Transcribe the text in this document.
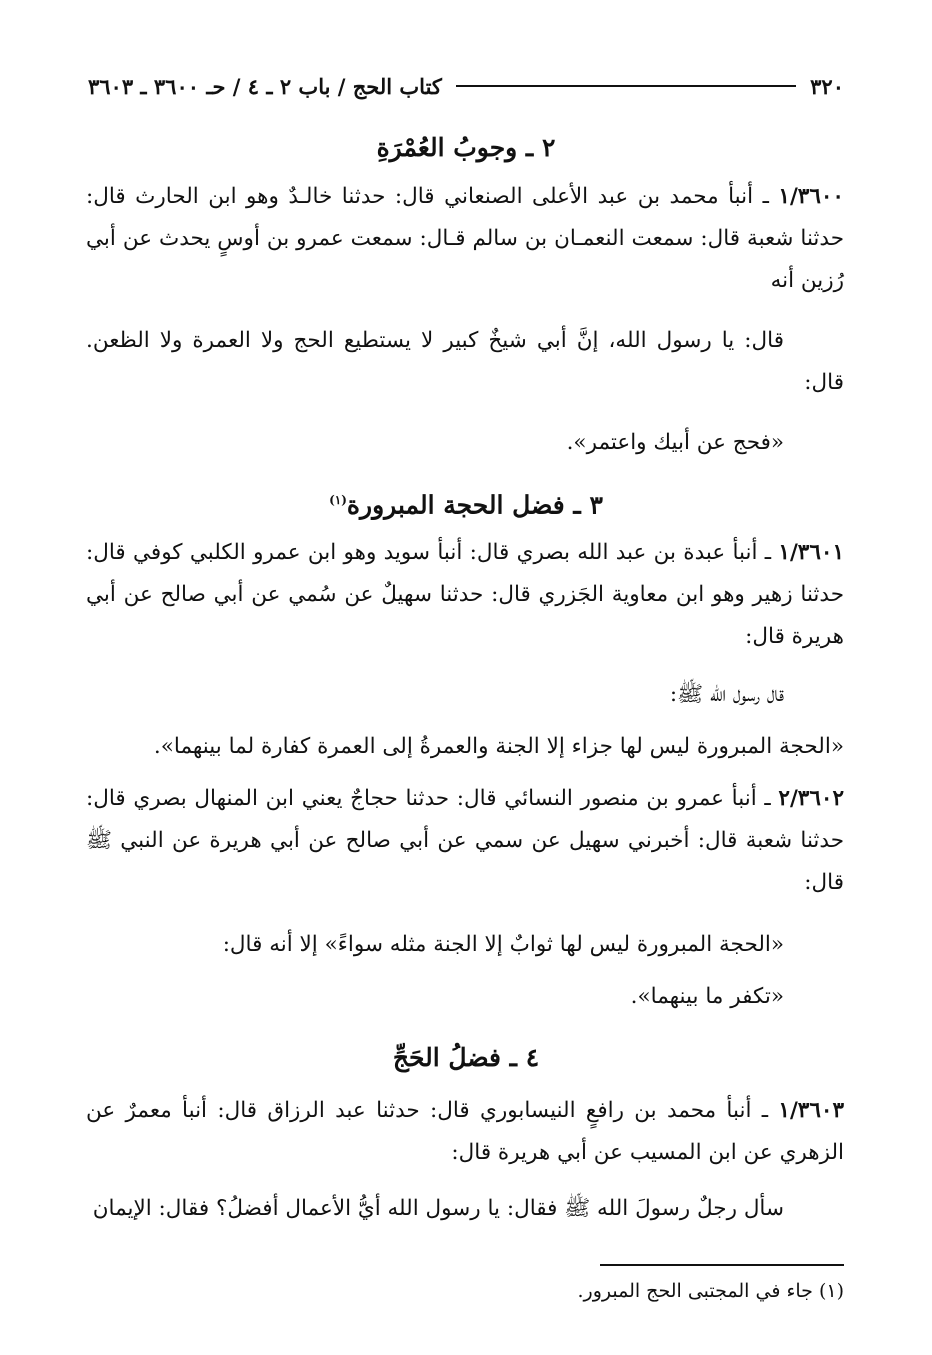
٣٢٠
كتاب الحج / باب ٢ ـ ٤ / حـ ٣٦٠٠ ـ ٣٦٠٣
٢ ـ وجوبُ العُمْرَةِ
١/٣٦٠٠ ـ أنبأ محمد بن عبد الأعلى الصنعاني قال: حدثنا خالـدٌ وهو ابن الحارث قال: حدثنا شعبة قال: سمعت النعمـان بن سالم قـال: سمعت عمرو بن أوسٍ يحدث عن أبي رُزين أنه
قال: يا رسول الله، إنَّ أبي شيخٌ كبير لا يستطيع الحج ولا العمرة ولا الظعن. قال:
«فحج عن أبيك واعتمر».
٣ ـ فضل الحجة المبرورة$^{(١)}$
١/٣٦٠١ ـ أنبأ عبدة بن عبد الله بصري قال: أنبأ سويد وهو ابن عمرو الكلبي كوفي قال: حدثنا زهير وهو ابن معاوية الجَزري قال: حدثنا سهيلٌ عن سُمي عن أبي صالح عن أبي هريرة قال:
قال رسول الله ﷺ:
«الحجة المبرورة ليس لها جزاء إلا الجنة والعمرةُ إلى العمرة كفارة لما بينهما».
٢/٣٦٠٢ ـ أنبأ عمرو بن منصور النسائي قال: حدثنا حجاجٌ يعني ابن المنهال بصري قال: حدثنا شعبة قال: أخبرني سهيل عن سمي عن أبي صالح عن أبي هريرة عن النبي ﷺ قال:
«الحجة المبرورة ليس لها ثوابٌ إلا الجنة مثله سواءً» إلا أنه قال:
«تكفر ما بينهما».
٤ ـ فضلُ الحَجِّ
١/٣٦٠٣ ـ أنبأ محمد بن رافعٍ النيسابوري قال: حدثنا عبد الرزاق قال: أنبأ معمرٌ عن الزهري عن ابن المسيب عن أبي هريرة قال:
سأل رجلٌ رسولَ الله ﷺ فقال: يا رسول الله أيُّ الأعمال أفضلُ؟ فقال: الإيمان
(١) جاء في المجتبى الحج المبرور.
